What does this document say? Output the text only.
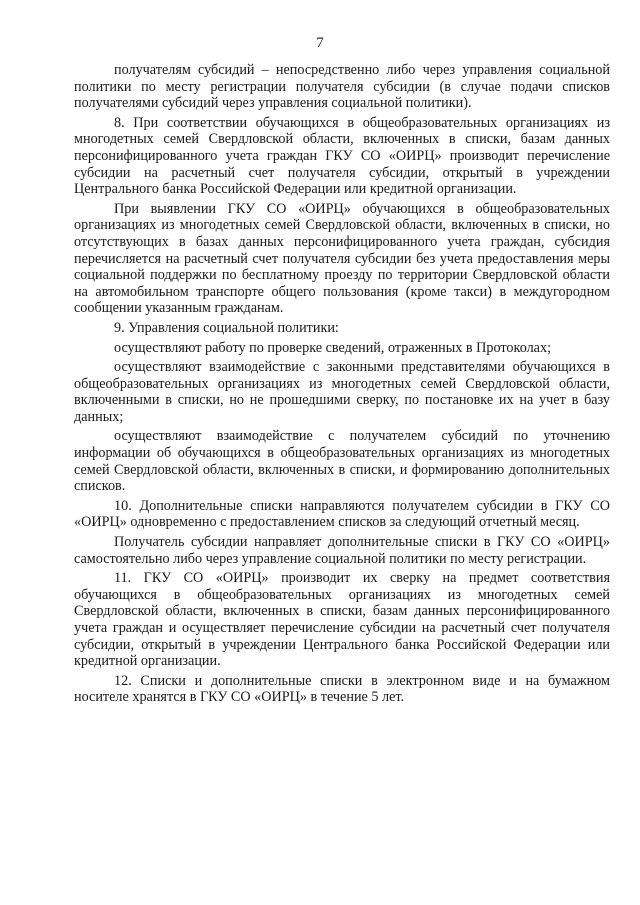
7

получателям субсидий – непосредственно либо через управления социальной политики по месту регистрации получателя субсидии (в случае подачи списков получателями субсидий через управления социальной политики).

8. При соответствии обучающихся в общеобразовательных организациях из многодетных семей Свердловской области, включенных в списки, базам данных персонифицированного учета граждан ГКУ СО «ОИРЦ» производит перечисление субсидии на расчетный счет получателя субсидии, открытый в учреждении Центрального банка Российской Федерации или кредитной организации.

При выявлении ГКУ СО «ОИРЦ» обучающихся в общеобразовательных организациях из многодетных семей Свердловской области, включенных в списки, но отсутствующих в базах данных персонифицированного учета граждан, субсидия перечисляется на расчетный счет получателя субсидии без учета предоставления меры социальной поддержки по бесплатному проезду по территории Свердловской области на автомобильном транспорте общего пользования (кроме такси) в междугородном сообщении указанным гражданам.

9. Управления социальной политики:

осуществляют работу по проверке сведений, отраженных в Протоколах;

осуществляют взаимодействие с законными представителями обучающихся в общеобразовательных организациях из многодетных семей Свердловской области, включенными в списки, но не прошедшими сверку, по постановке их на учет в базу данных;

осуществляют взаимодействие с получателем субсидий по уточнению информации об обучающихся в общеобразовательных организациях из многодетных семей Свердловской области, включенных в списки, и формированию дополнительных списков.

10. Дополнительные списки направляются получателем субсидии в ГКУ СО «ОИРЦ» одновременно с предоставлением списков за следующий отчетный месяц.

Получатель субсидии направляет дополнительные списки в ГКУ СО «ОИРЦ» самостоятельно либо через управление социальной политики по месту регистрации.

11. ГКУ СО «ОИРЦ» производит их сверку на предмет соответствия обучающихся в общеобразовательных организациях из многодетных семей Свердловской области, включенных в списки, базам данных персонифицированного учета граждан и осуществляет перечисление субсидии на расчетный счет получателя субсидии, открытый в учреждении Центрального банка Российской Федерации или кредитной организации.

12. Списки и дополнительные списки в электронном виде и на бумажном носителе хранятся в ГКУ СО «ОИРЦ» в течение 5 лет.
